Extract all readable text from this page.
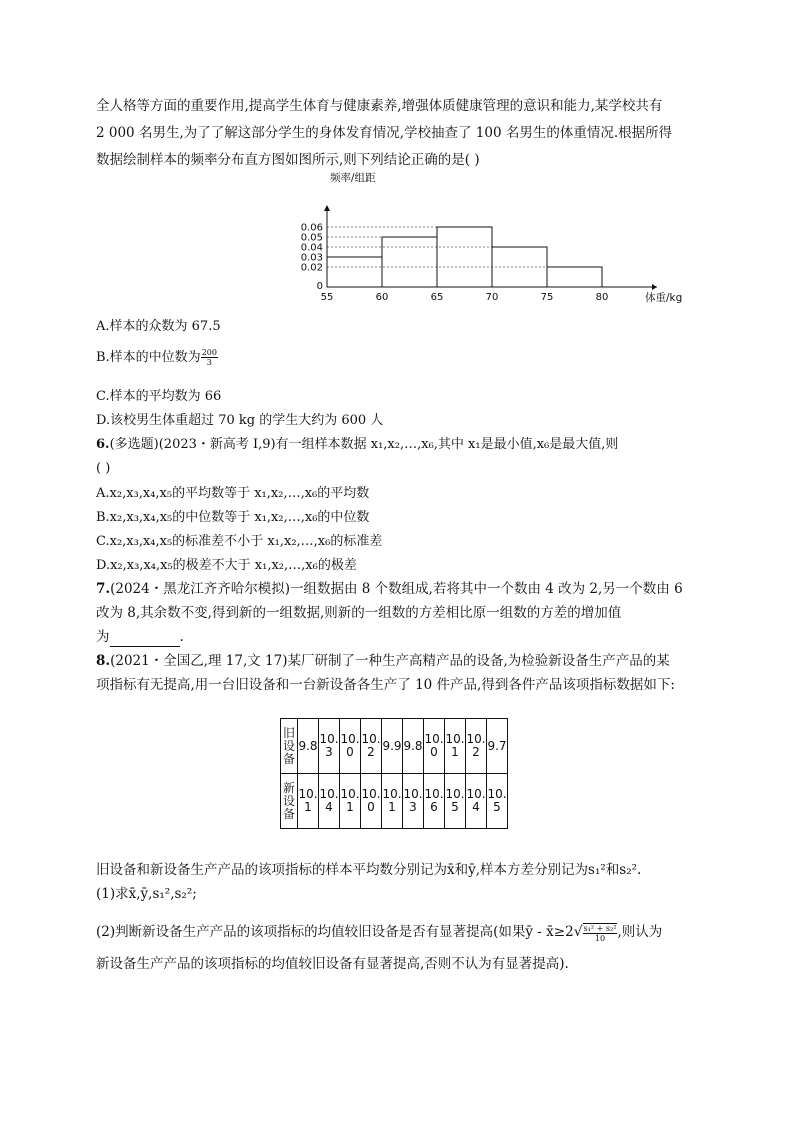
全人格等方面的重要作用,提高学生体育与健康素养,增强体质健康管理的意识和能力,某学校共有
2 000 名男生,为了了解这部分学生的身体发育情况,学校抽查了 100 名男生的体重情况.根据所得
数据绘制样本的频率分布直方图如图所示,则下列结论正确的是( )
0.06
0.05
0.04
0.03
0.02
0
55	60	65	70	75	80
频率/组距
体重/kg
A.样本的众数为 67.5
B.样本的中位数为 $\frac{200}{3}$
C.样本的平均数为 66
D.该校男生体重超过 70 kg 的学生大约为 600 人
6.(多选题)(2023・新高考 Ⅰ,9)有一组样本数据 x₁,x₂,…,x₆,其中 x₁是最小值,x₆是最大值,则
( )
A.x₂,x₃,x₄,x₅的平均数等于 x₁,x₂,…,x₆的平均数
B.x₂,x₃,x₄,x₅的中位数等于 x₁,x₂,…,x₆的中位数
C.x₂,x₃,x₄,x₅的标准差不小于 x₁,x₂,…,x₆的标准差
D.x₂,x₃,x₄,x₅的极差不大于 x₁,x₂,…,x₆的极差
7.(2024・黑龙江齐齐哈尔模拟)一组数据由 8 个数组成,若将其中一个数由 4 改为 2,另一个数由 6
改为 8,其余数不变,得到新的一组数据,则新的一组数的方差相比原一组数的方差的增加值
为	.
8.(2021・全国乙,理 17,文 17)某厂研制了一种生产高精产品的设备,为检验新设备生产产品的某
项指标有无提高,用一台旧设备和一台新设备各生产了 10 件产品,得到各件产品该项指标数据如下:
旧设备	9.8	10.3	10.0	10.2	9.9	9.8	10.0	10.1	10.2	9.7
新设备	10.1	10.4	10.1	10.0	10.1	10.3	10.6	10.5	10.4	10.5
旧设备和新设备生产产品的该项指标的样本平均数分别记为x̄和ȳ,样本方差分别记为s₁²和s₂².
(1)求x̄,ȳ,s₁²,s₂²;
(2)判断新设备生产产品的该项指标的均值较旧设备是否有显著提高(如果ȳ - x̄≥2√ $\frac{\text{s₁² + s₂²}}{10}$ ,则认为
新设备生产产品的该项指标的均值较旧设备有显著提高,否则不认为有显著提高).
